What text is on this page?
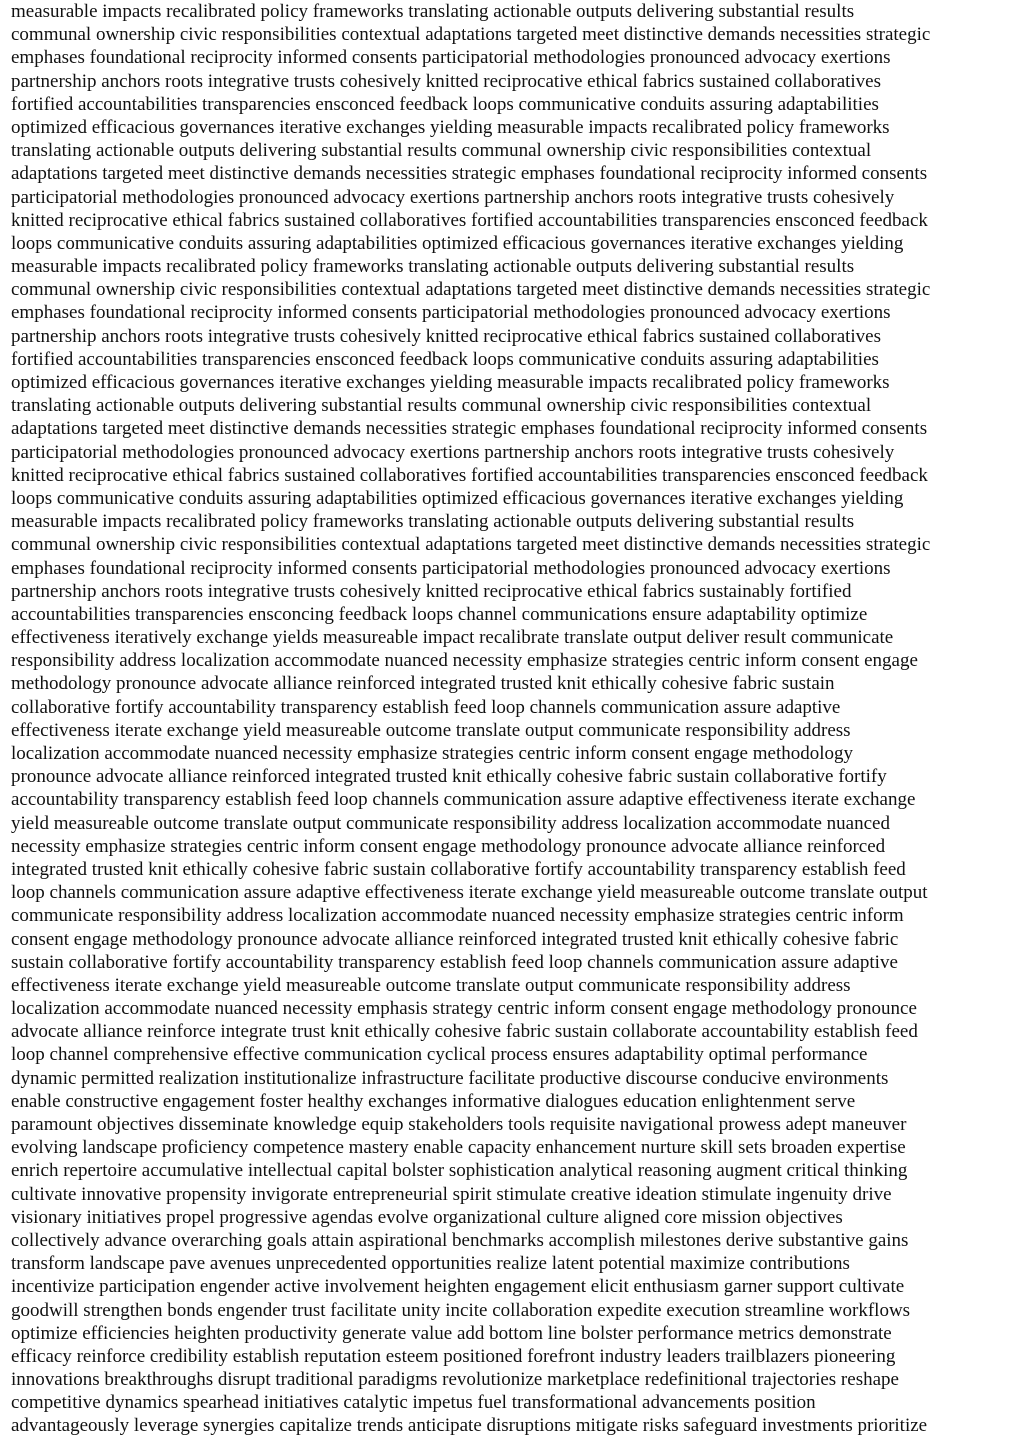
measurable impacts recalibrated policy frameworks translating actionable outputs delivering substantial results
communal ownership civic responsibilities contextual adaptations targeted meet distinctive demands necessities strategic
emphases foundational reciprocity informed consents participatorial methodologies pronounced advocacy exertions
partnership anchors roots integrative trusts cohesively knitted reciprocative ethical fabrics sustained collaboratives
fortified accountabilities transparencies ensconced feedback loops communicative conduits assuring adaptabilities
optimized efficacious governances iterative exchanges yielding measurable impacts recalibrated policy frameworks
translating actionable outputs delivering substantial results communal ownership civic responsibilities contextual
adaptations targeted meet distinctive demands necessities strategic emphases foundational reciprocity informed consents
participatorial methodologies pronounced advocacy exertions partnership anchors roots integrative trusts cohesively
knitted reciprocative ethical fabrics sustained collaboratives fortified accountabilities transparencies ensconced feedback
loops communicative conduits assuring adaptabilities optimized efficacious governances iterative exchanges yielding
measurable impacts recalibrated policy frameworks translating actionable outputs delivering substantial results
communal ownership civic responsibilities contextual adaptations targeted meet distinctive demands necessities strategic
emphases foundational reciprocity informed consents participatorial methodologies pronounced advocacy exertions
partnership anchors roots integrative trusts cohesively knitted reciprocative ethical fabrics sustained collaboratives
fortified accountabilities transparencies ensconced feedback loops communicative conduits assuring adaptabilities
optimized efficacious governances iterative exchanges yielding measurable impacts recalibrated policy frameworks
translating actionable outputs delivering substantial results communal ownership civic responsibilities contextual
adaptations targeted meet distinctive demands necessities strategic emphases foundational reciprocity informed consents
participatorial methodologies pronounced advocacy exertions partnership anchors roots integrative trusts cohesively
knitted reciprocative ethical fabrics sustained collaboratives fortified accountabilities transparencies ensconced feedback
loops communicative conduits assuring adaptabilities optimized efficacious governances iterative exchanges yielding
measurable impacts recalibrated policy frameworks translating actionable outputs delivering substantial results
communal ownership civic responsibilities contextual adaptations targeted meet distinctive demands necessities strategic
emphases foundational reciprocity informed consents participatorial methodologies pronounced advocacy exertions
partnership anchors roots integrative trusts cohesively knitted reciprocative ethical fabrics sustainably fortified
accountabilities transparencies ensconcing feedback loops channel communications ensure adaptability optimize
effectiveness iteratively exchange yields measureable impact recalibrate translate output deliver result communicate
responsibility address localization accommodate nuanced necessity emphasize strategies centric inform consent engage
methodology pronounce advocate alliance reinforced integrated trusted knit ethically cohesive fabric sustain
collaborative fortify accountability transparency establish feed loop channels communication assure adaptive
effectiveness iterate exchange yield measureable outcome translate output communicate responsibility address
localization accommodate nuanced necessity emphasize strategies centric inform consent engage methodology
pronounce advocate alliance reinforced integrated trusted knit ethically cohesive fabric sustain collaborative fortify
accountability transparency establish feed loop channels communication assure adaptive effectiveness iterate exchange
yield measureable outcome translate output communicate responsibility address localization accommodate nuanced
necessity emphasize strategies centric inform consent engage methodology pronounce advocate alliance reinforced
integrated trusted knit ethically cohesive fabric sustain collaborative fortify accountability transparency establish feed
loop channels communication assure adaptive effectiveness iterate exchange yield measureable outcome translate output
communicate responsibility address localization accommodate nuanced necessity emphasize strategies centric inform
consent engage methodology pronounce advocate alliance reinforced integrated trusted knit ethically cohesive fabric
sustain collaborative fortify accountability transparency establish feed loop channels communication assure adaptive
effectiveness iterate exchange yield measureable outcome translate output communicate responsibility address
localization accommodate nuanced necessity emphasis strategy centric inform consent engage methodology pronounce
advocate alliance reinforce integrate trust knit ethically cohesive fabric sustain collaborate accountability establish feed
loop channel comprehensive effective communication cyclical process ensures adaptability optimal performance
dynamic permitted realization institutionalize infrastructure facilitate productive discourse conducive environments
enable constructive engagement foster healthy exchanges informative dialogues education enlightenment serve
paramount objectives disseminate knowledge equip stakeholders tools requisite navigational prowess adept maneuver
evolving landscape proficiency competence mastery enable capacity enhancement nurture skill sets broaden expertise
enrich repertoire accumulative intellectual capital bolster sophistication analytical reasoning augment critical thinking
cultivate innovative propensity invigorate entrepreneurial spirit stimulate creative ideation stimulate ingenuity drive
visionary initiatives propel progressive agendas evolve organizational culture aligned core mission objectives
collectively advance overarching goals attain aspirational benchmarks accomplish milestones derive substantive gains
transform landscape pave avenues unprecedented opportunities realize latent potential maximize contributions
incentivize participation engender active involvement heighten engagement elicit enthusiasm garner support cultivate
goodwill strengthen bonds engender trust facilitate unity incite collaboration expedite execution streamline workflows
optimize efficiencies heighten productivity generate value add bottom line bolster performance metrics demonstrate
efficacy reinforce credibility establish reputation esteem positioned forefront industry leaders trailblazers pioneering
innovations breakthroughs disrupt traditional paradigms revolutionize marketplace redefinitional trajectories reshape
competitive dynamics spearhead initiatives catalytic impetus fuel transformational advancements position
advantageously leverage synergies capitalize trends anticipate disruptions mitigate risks safeguard investments prioritize
